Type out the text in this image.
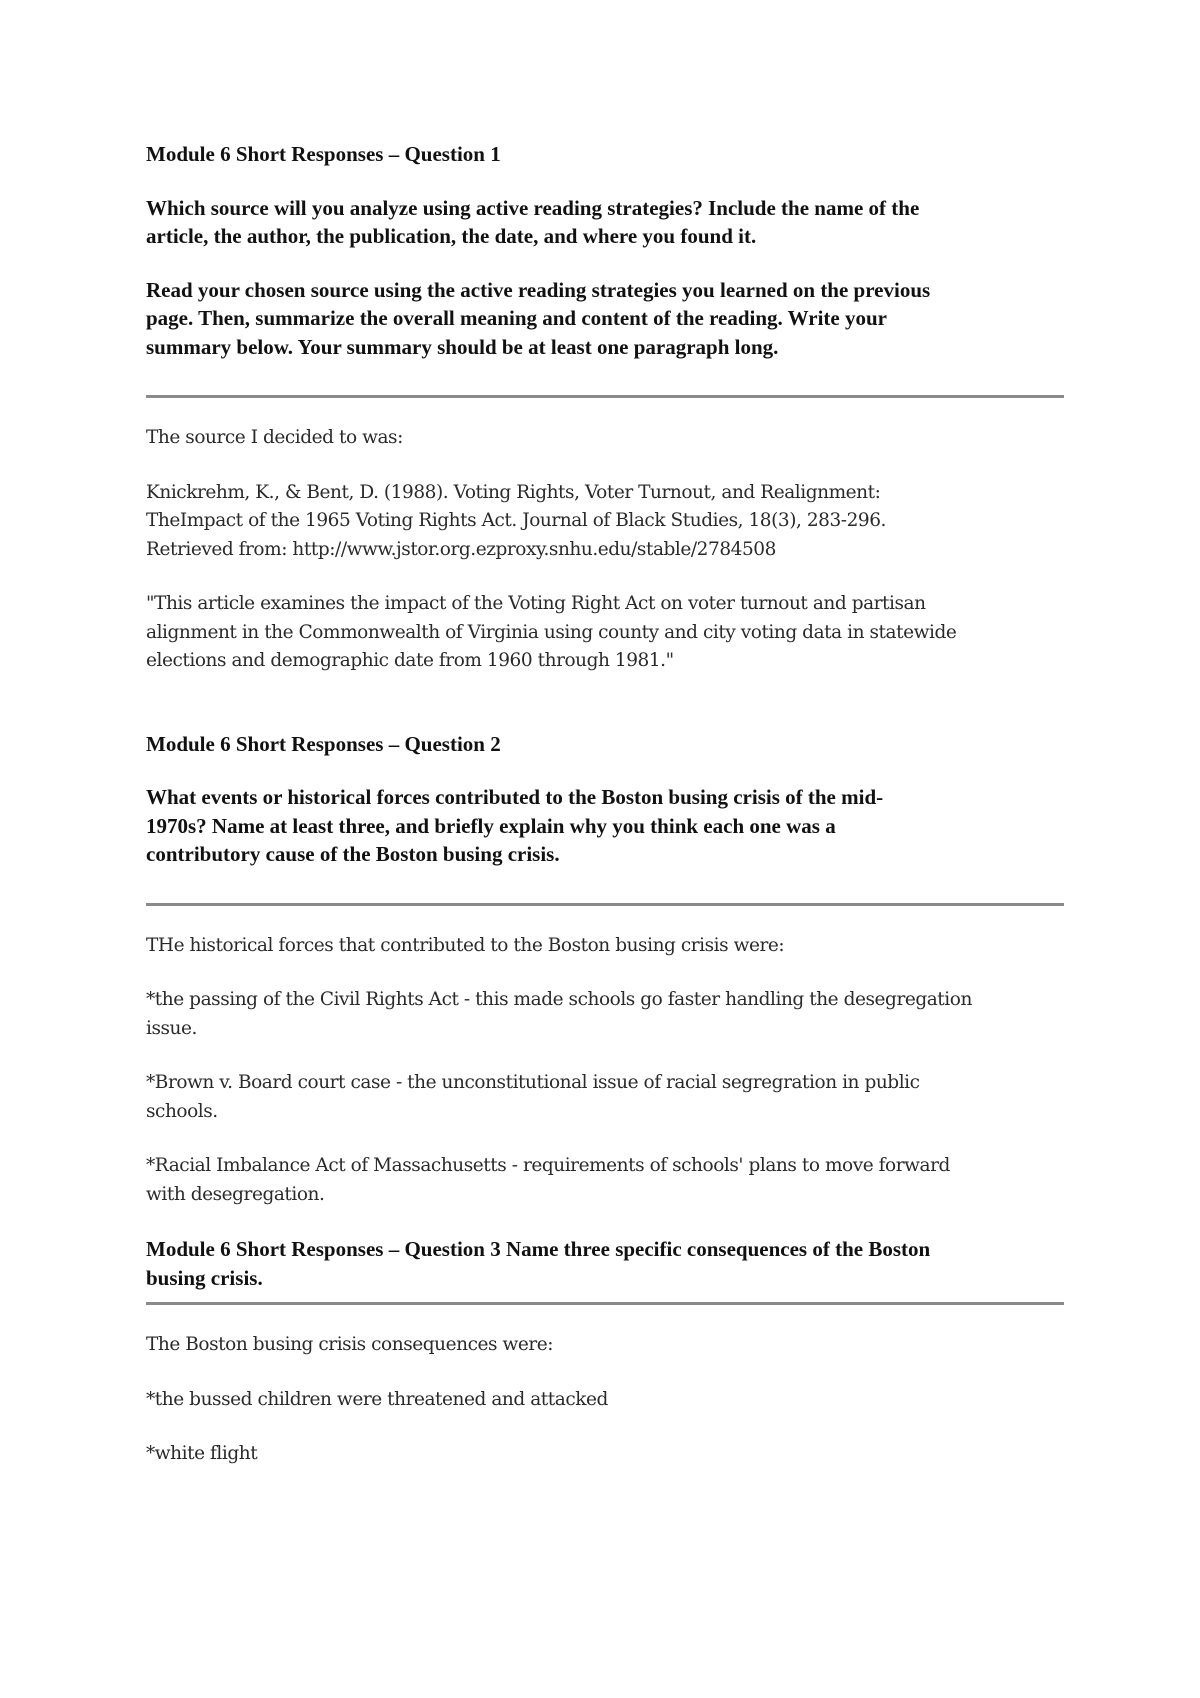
Module 6 Short Responses – Question 1

Which source will you analyze using active reading strategies? Include the name of the
article, the author, the publication, the date, and where you found it.

Read your chosen source using the active reading strategies you learned on the previous
page. Then, summarize the overall meaning and content of the reading. Write your
summary below. Your summary should be at least one paragraph long.

The source I decided to was:

Knickrehm, K., & Bent, D. (1988). Voting Rights, Voter Turnout, and Realignment:
TheImpact of the 1965 Voting Rights Act. Journal of Black Studies, 18(3), 283-296.
Retrieved from: http://www.jstor.org.ezproxy.snhu.edu/stable/2784508

"This article examines the impact of the Voting Right Act on voter turnout and partisan
alignment in the Commonwealth of Virginia using county and city voting data in statewide
elections and demographic date from 1960 through 1981."

Module 6 Short Responses – Question 2

What events or historical forces contributed to the Boston busing crisis of the mid-
1970s? Name at least three, and briefly explain why you think each one was a
contributory cause of the Boston busing crisis.

THe historical forces that contributed to the Boston busing crisis were:

*the passing of the Civil Rights Act - this made schools go faster handling the desegregation
issue.

*Brown v. Board court case - the unconstitutional issue of racial segregration in public
schools.

*Racial Imbalance Act of Massachusetts - requirements of schools' plans to move forward
with desegregation.

Module 6 Short Responses – Question 3 Name three specific consequences of the Boston
busing crisis.

The Boston busing crisis consequences were:

*the bussed children were threatened and attacked

*white flight
